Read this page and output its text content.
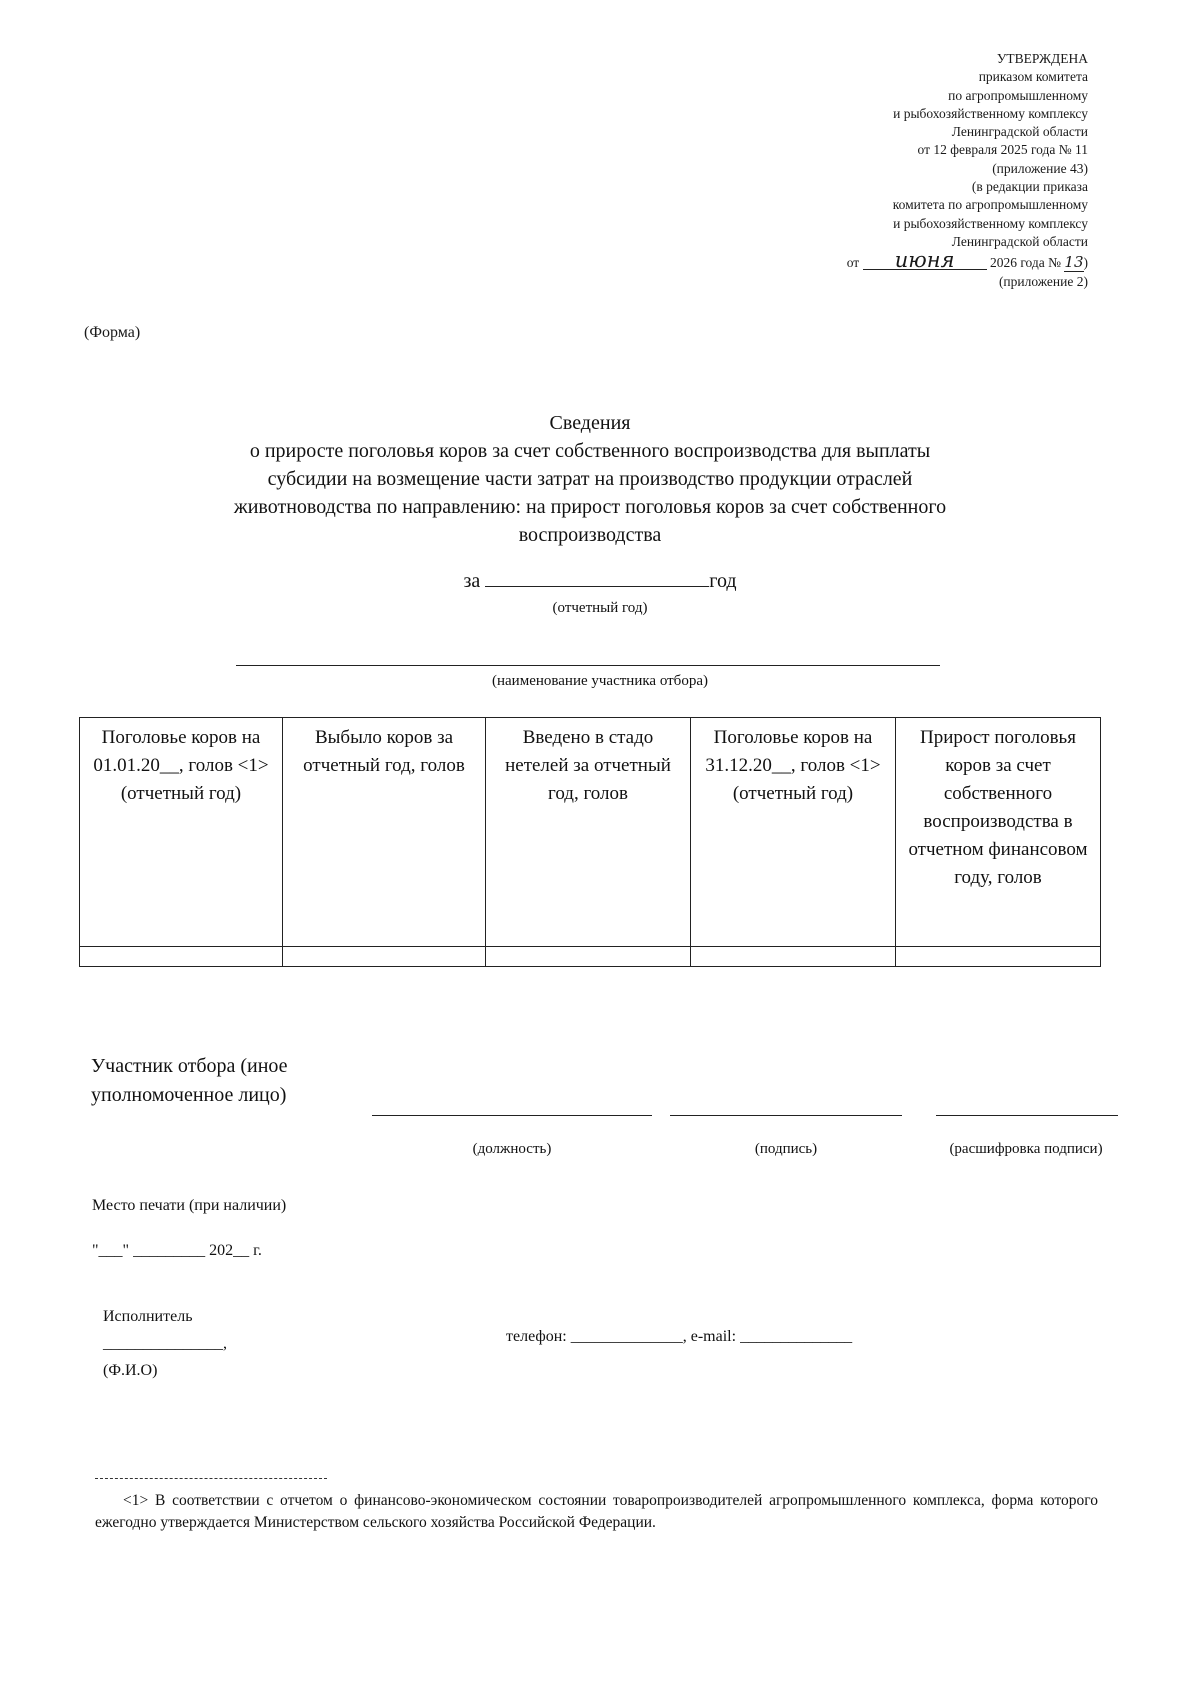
УТВЕРЖДЕНА
приказом комитета
по агропромышленному
и рыбохозяйственному комплексу
Ленинградской области
от 12 февраля 2025 года № 11
(приложение 43)
(в редакции приказа
комитета по агропромышленному
и рыбохозяйственному комплексу
Ленинградской области
от июня	2026 года № 13)
(приложение 2)
(Форма)
Сведения
о приросте поголовья коров за счет собственного воспроизводства для выплаты
субсидии на возмещение части затрат на производство продукции отраслей
животноводства по направлению: на прирост поголовья коров за счет собственного
воспроизводства
за	год
(отчетный год)
(наименование участника отбора)
Поголовье коров на 01.01.20__, голов <1> (отчетный год)	Выбыло коров за отчетный год, голов	Введено в стадо нетелей за отчетный год, голов	Поголовье коров на 31.12.20__, голов <1> (отчетный год)	Прирост поголовья коров за счет собственного воспроизводства в отчетном финансовом году, голов

Участник отбора (иное
уполномоченное лицо)
(должность)	(подпись)	(расшифровка подписи)
Место печати (при наличии)
"___" _________ 202__ г.
Исполнитель
_______________,
(Ф.И.О)
телефон: ______________, e-mail: ______________
<1> В соответствии с отчетом о финансово-экономическом состоянии товаропроизводителей агропромышленного комплекса, форма которого ежегодно утверждается Министерством сельского хозяйства Российской Федерации.
